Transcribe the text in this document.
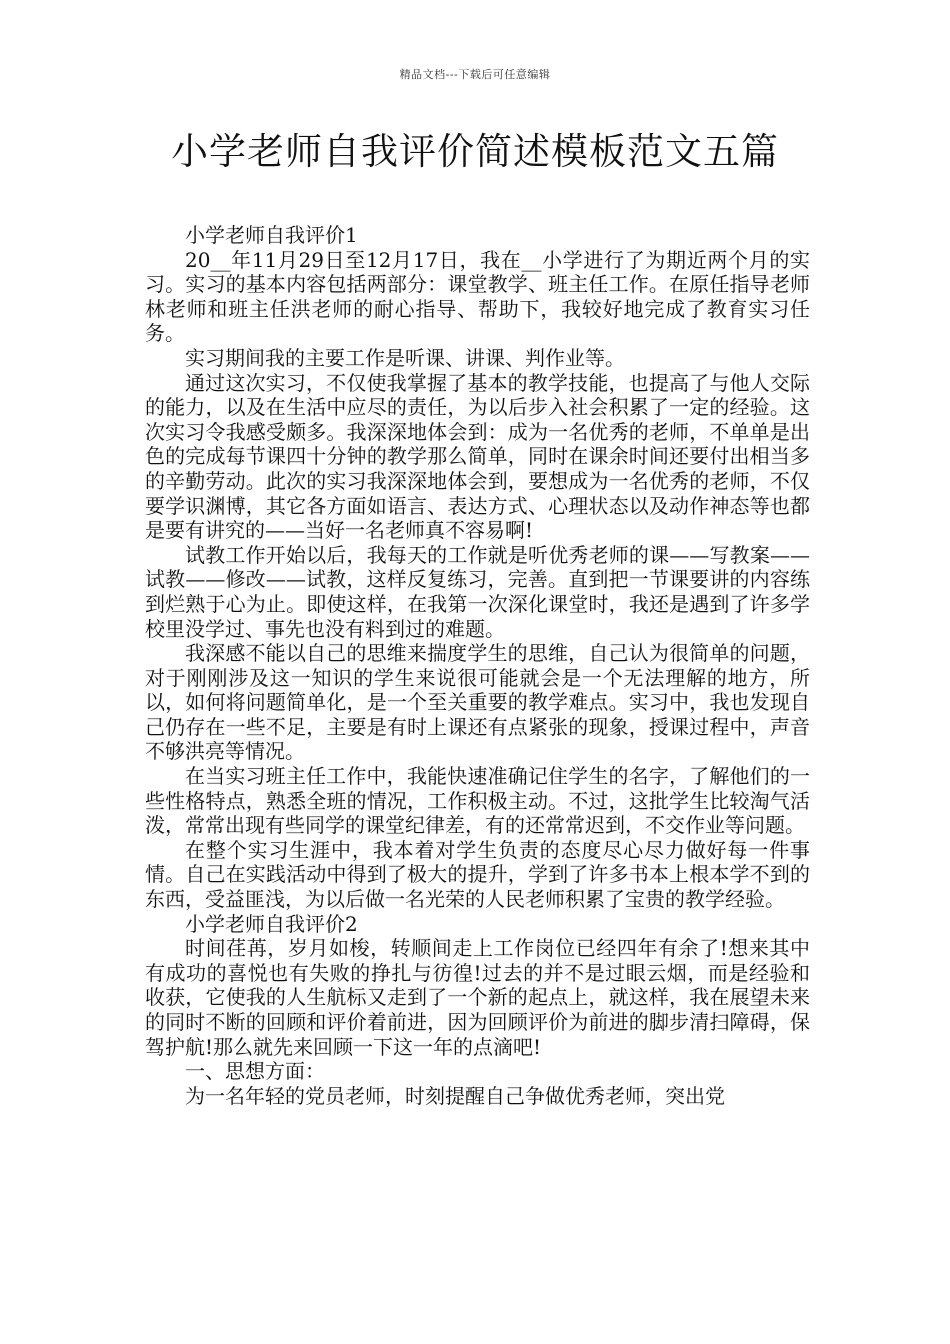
精品文档---下载后可任意编辑
小学老师自我评价简述模板范文五篇

小学老师自我评价1

20__年11月29日至12月17日，我在__小学进行了为期近两个月的实习。实习的基本内容包括两部分：课堂教学、班主任工作。在原任指导老师林老师和班主任洪老师的耐心指导、帮助下，我较好地完成了教育实习任务。

实习期间我的主要工作是听课、讲课、判作业等。

通过这次实习，不仅使我掌握了基本的教学技能，也提高了与他人交际的能力，以及在生活中应尽的责任，为以后步入社会积累了一定的经验。这次实习令我感受颇多。我深深地体会到：成为一名优秀的老师，不单单是出色的完成每节课四十分钟的教学那么简单，同时在课余时间还要付出相当多的辛勤劳动。此次的实习我深深地体会到，要想成为一名优秀的老师，不仅要学识渊博，其它各方面如语言、表达方式、心理状态以及动作神态等也都是要有讲究的——当好一名老师真不容易啊!

试教工作开始以后，我每天的工作就是听优秀老师的课——写教案——试教——修改——试教，这样反复练习，完善。直到把一节课要讲的内容练到烂熟于心为止。即使这样，在我第一次深化课堂时，我还是遇到了许多学校里没学过、事先也没有料到过的难题。

我深感不能以自己的思维来揣度学生的思维，自己认为很简单的问题，对于刚刚涉及这一知识的学生来说很可能就会是一个无法理解的地方，所以，如何将问题简单化，是一个至关重要的教学难点。实习中，我也发现自己仍存在一些不足，主要是有时上课还有点紧张的现象，授课过程中，声音不够洪亮等情况。

在当实习班主任工作中，我能快速准确记住学生的名字，了解他们的一些性格特点，熟悉全班的情况，工作积极主动。不过，这批学生比较淘气活泼，常常出现有些同学的课堂纪律差，有的还常常迟到，不交作业等问题。

在整个实习生涯中，我本着对学生负责的态度尽心尽力做好每一件事情。自己在实践活动中得到了极大的提升，学到了许多书本上根本学不到的东西，受益匪浅，为以后做一名光荣的人民老师积累了宝贵的教学经验。

小学老师自我评价2

时间荏苒，岁月如梭，转顺间走上工作岗位已经四年有余了!想来其中有成功的喜悦也有失败的挣扎与彷徨!过去的并不是过眼云烟，而是经验和收获，它使我的人生航标又走到了一个新的起点上，就这样，我在展望未来的同时不断的回顾和评价着前进，因为回顾评价为前进的脚步清扫障碍，保驾护航!那么就先来回顾一下这一年的点滴吧!

一、思想方面：

为一名年轻的党员老师，时刻提醒自己争做优秀老师，突出党
